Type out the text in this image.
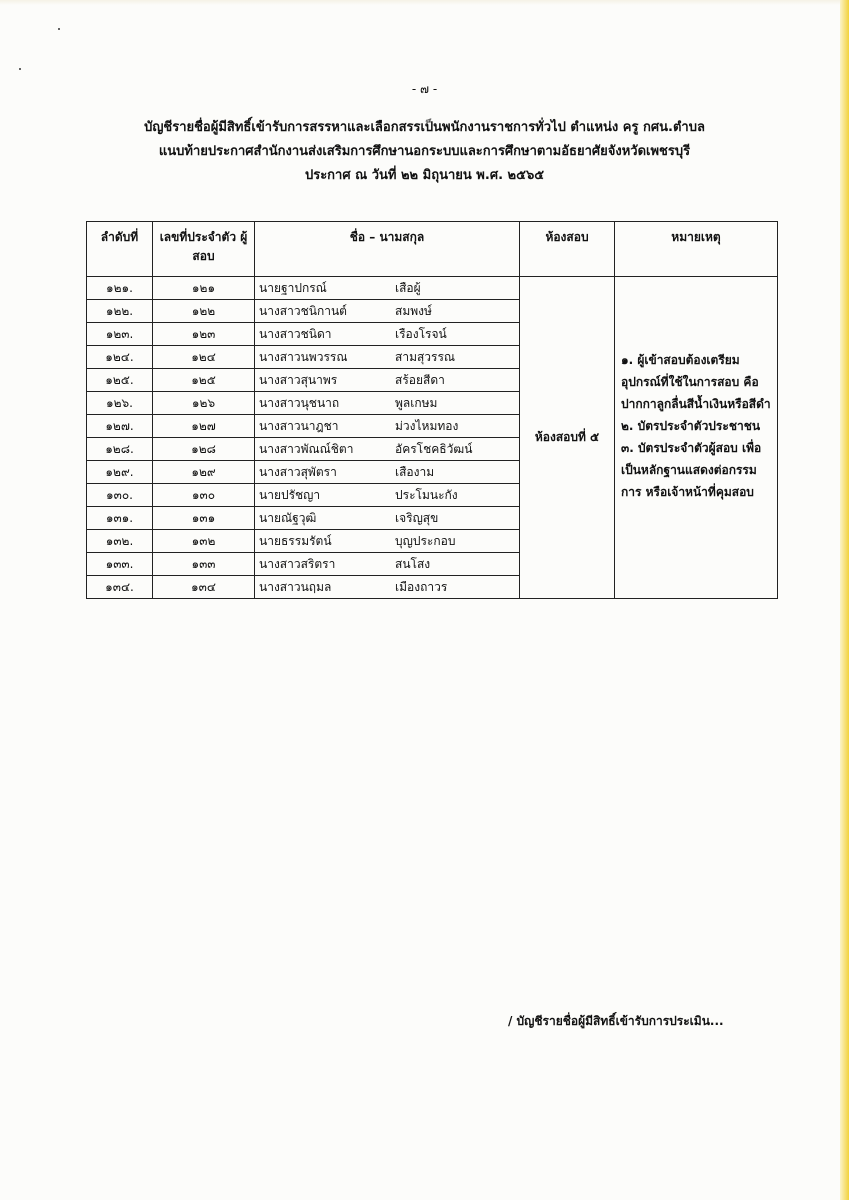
- ๗ -
บัญชีรายชื่อผู้มีสิทธิ์เข้ารับการสรรหาและเลือกสรรเป็นพนักงานราชการทั่วไป ตำแหน่ง ครู กศน.ตำบล
แนบท้ายประกาศสำนักงานส่งเสริมการศึกษานอกระบบและการศึกษาตามอัธยาศัยจังหวัดเพชรบุรี
ประกาศ ณ วันที่ ๒๒ มิถุนายน พ.ศ. ๒๕๖๕
ลำดับที่	เลขที่ประจำตัว ผู้สอบ	ชื่อ – นามสกุล	ห้องสอบ	หมายเหตุ
๑๒๑.	๑๒๑	นายฐาปกรณ์ เสือผู้	ห้องสอบที่ ๕	๑. ผู้เข้าสอบต้องเตรียมอุปกรณ์ที่ใช้ในการสอบ คือ ปากกาลูกลื่นสีน้ำเงินหรือสีดำ
๒. บัตรประจำตัวประชาชน
๓. บัตรประจำตัวผู้สอบ เพื่อเป็นหลักฐานแสดงต่อกรรมการ หรือเจ้าหน้าที่คุมสอบ

๑๒๒.	๑๒๒	นางสาวชนิกานต์ สมพงษ์		
๑๒๓.	๑๒๓	นางสาวชนิดา เรืองโรจน์		
๑๒๔.	๑๒๔	นางสาวนพวรรณ สามสุวรรณ		
๑๒๕.	๑๒๕	นางสาวสุนาพร สร้อยสีดา		
๑๒๖.	๑๒๖	นางสาวนุชนาถ พูลเกษม		
๑๒๗.	๑๒๗	นางสาวนาฎชา ม่วงไหมทอง		
๑๒๘.	๑๒๘	นางสาวพัณณ์ชิตา อัครโชคธิวัฒน์		
๑๒๙.	๑๒๙	นางสาวสุพัตรา เสืองาม		
๑๓๐.	๑๓๐	นายปรัชญา ประโมนะกัง		
๑๓๑.	๑๓๑	นายณัฐวุฒิ เจริญสุข		
๑๓๒.	๑๓๒	นายธรรมรัตน์ บุญประกอบ		
๑๓๓.	๑๓๓	นางสาวสริตรา สนโสง		
๑๓๔.	๑๓๔	นางสาวนฤมล เมืองถาวร		
/ บัญชีรายชื่อผู้มีสิทธิ์เข้ารับการประเมิน...
